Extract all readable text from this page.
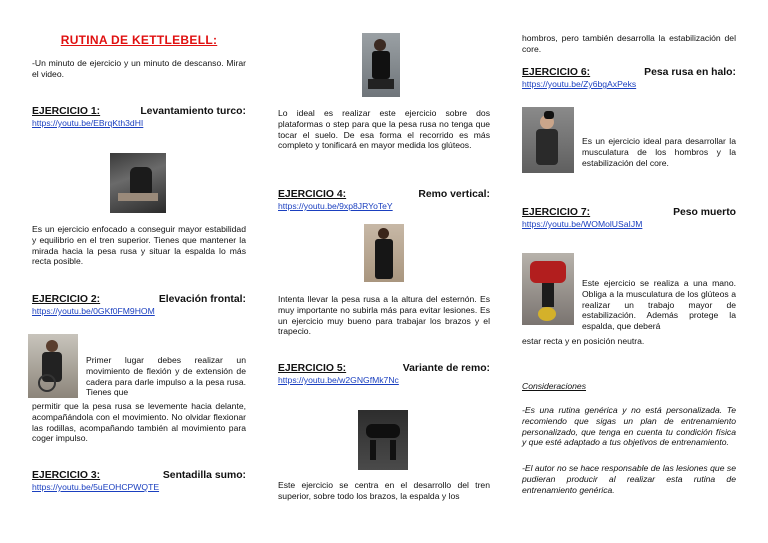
RUTINA DE KETTLEBELL:

-Un minuto de ejercicio y un minuto de descanso. Mirar el video.

EJERCICIO 1:	Levantamiento turco:

https://youtu.be/EBrqKth3dHI

Es un ejercicio enfocado a conseguir mayor estabilidad y equilibrio en el tren superior. Tienes que mantener la mirada hacia la pesa rusa y situar la espalda lo más recta posible.

EJERCICIO 2:	Elevación frontal:

https://youtu.be/0GKf0FM9HOM

Primer lugar debes realizar un movimiento de flexión y de extensión de cadera para darle impulso a la pesa rusa. Tienes que

permitir que la pesa rusa se levemente hacia delante, acompañándola con el movimiento. No olvidar flexionar las rodillas, acompañando también al movimiento para coger impulso.

EJERCICIO 3:	Sentadilla sumo:

https://youtu.be/5uEOHCPWQTE

Lo ideal es realizar este ejercicio sobre dos plataformas o step para que la pesa rusa no tenga que tocar el suelo. De esa forma el recorrido es más completo y tonificará en mayor medida los glúteos.

EJERCICIO 4:	Remo vertical:

https://youtu.be/9xp8JRYoTeY

Intenta llevar la pesa rusa a la altura del esternón. Es muy importante no subirla más para evitar lesiones. Es un ejercicio muy bueno para trabajar los brazos y el trapecio.

EJERCICIO 5:	Variante de remo:

https://youtu.be/w2GNGfMk7Nc

Este ejercicio se centra en el desarrollo del tren superior, sobre todo los brazos, la espalda y los

hombros, pero también desarrolla la estabilización del core.

EJERCICIO 6:	Pesa rusa en halo:

https://youtu.be/Zy6bgAxPeks

Es un ejercicio ideal para desarrollar la musculatura de los hombros y la estabilización del core.

EJERCICIO 7:	Peso muerto

https://youtu.be/WOMolUSaIJM

Este ejercicio se realiza a una mano. Obliga a la musculatura de los glúteos a realizar un trabajo mayor de estabilización. Además protege la espalda, que deberá

estar recta y en posición neutra.

Consideraciones

-Es una rutina genérica y no está personalizada. Te recomiendo que sigas un plan de entrenamiento personalizado, que tenga en cuenta tu condición física y que esté adaptado a tus objetivos de entrenamiento.

-El autor no se hace responsable de las lesiones que se pudieran producir al realizar esta rutina de entrenamiento genérica.
